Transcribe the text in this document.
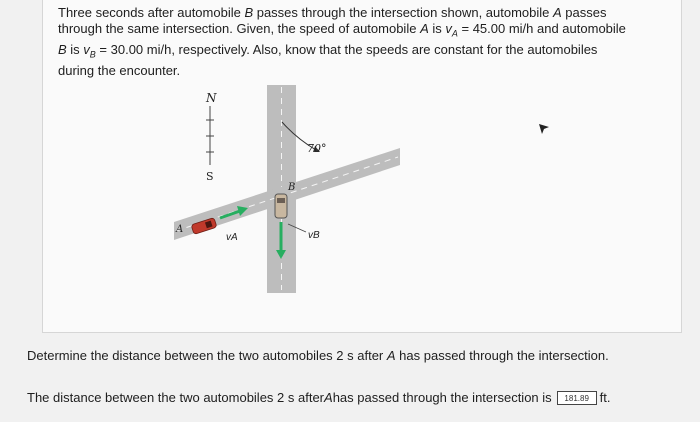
Three seconds after automobile B passes through the intersection shown, automobile A passes
through the same intersection. Given, the speed of automobile A is $v_A = 45.00$ mi/h and automobile
B is $v_B = 30.00$ mi/h, respectively. Also, know that the speeds are constant for the automobiles
during the encounter.
N
S
70°
B
vB
A
vA
Determine the distance between the two automobiles 2 s after A has passed through the intersection.
The distance between the two automobiles 2 s after A has passed through the intersection is	181.89 ft.
